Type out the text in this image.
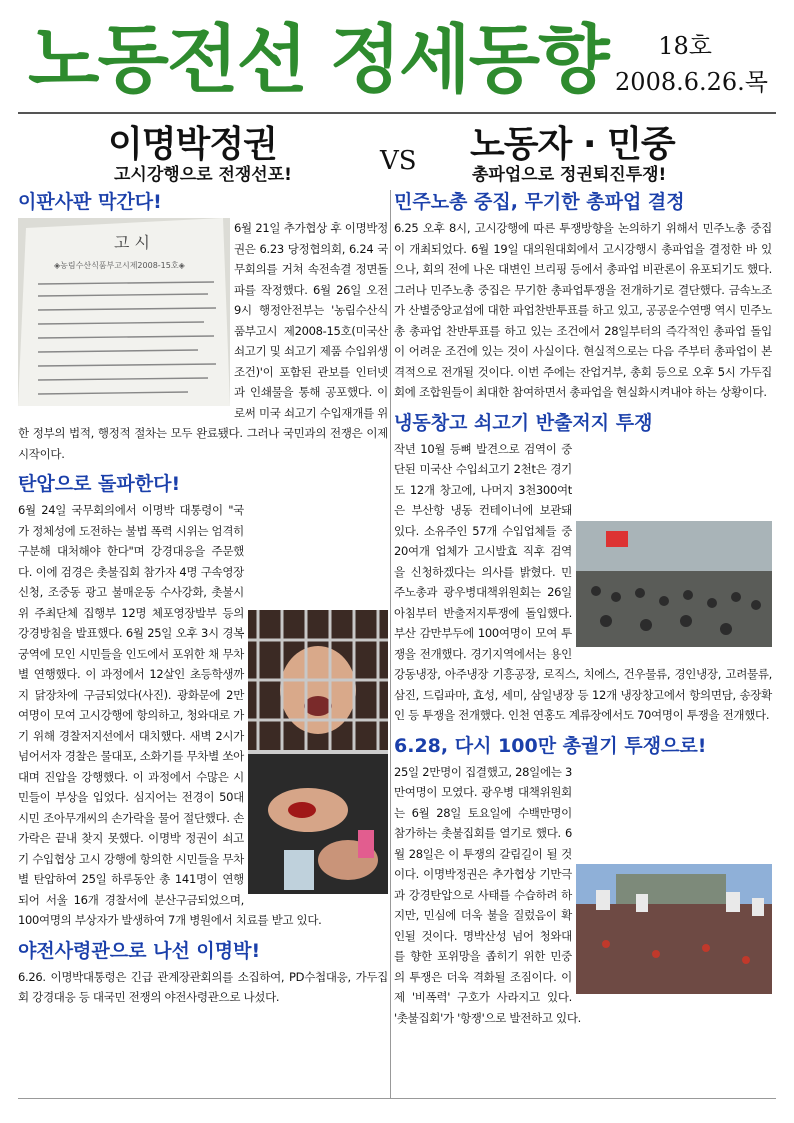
노동전선 정세동향 18호
2008.6.26.목
이명박정권
고시강행으로 전쟁선포!	VS 노동자 · 민중
총파업으로 정권퇴진투쟁!
이판사판 막간다!
고 시
◈농림수산식품부고시제2008-15호◈

6월 21일 추가협상 후 이명박정권은 6.23 당정협의회, 6.24 국무회의를 거쳐 속전속결 정면돌파를 작정했다. 6월 26일 오전 9시 행정안전부는 '농림수산식품부고시 제2008-15호(미국산 쇠고기 및 쇠고기 제품 수입위생조건)'이 포함된 관보를 인터넷과 인쇄물을 통해 공포했다. 이로써 미국 쇠고기 수입재개를 위한 정부의 법적, 행정적 절차는 모두 완료됐다. 그러나 국민과의 전쟁은 이제 시작이다.

탄압으로 돌파한다!

6월 24일 국무회의에서 이명박 대통령이 "국가 정체성에 도전하는 불법 폭력 시위는 엄격히 구분해 대처해야 한다"며 강경대응을 주문했다. 이에 검경은 촛불집회 참가자 4명 구속영장 신청, 조중동 광고 불매운동 수사강화, 촛불시위 주최단체 집행부 12명 체포영장발부 등의 강경방침을 발표했다. 6월 25일 오후 3시 경복궁역에 모인 시민들을 인도에서 포위한 채 무차별 연행했다. 이 과정에서 12살인 초등학생까지 닭장차에 구금되었다(사진). 광화문에 2만여명이 모여 고시강행에 항의하고, 청와대로 가기 위해 경찰저지선에서 대치했다. 새벽 2시가 넘어서자 경찰은 물대포, 소화기를 무차별 쏘아대며 진압을 강행했다. 이 과정에서 수많은 시민들이 부상을 입었다. 심지어는 전경이 50대 시민 조아무개씨의 손가락을 물어 절단했다. 손가락은 끝내 찾지 못했다. 이명박 정권이 쇠고기 수입협상 고시 강행에 항의한 시민들을 무차별 탄압하여 25일 하루동안 총 141명이 연행되어 서울 16개 경찰서에 분산구금되었으며, 100여명의 부상자가 발생하여 7개 병원에서 치료를 받고 있다.

야전사령관으로 나선 이명박!

6.26. 이명박대통령은 긴급 관계장관회의를 소집하여, PD수첩대응, 가두집회 강경대응 등 대국민 전쟁의 야전사령관으로 나섰다.

민주노총 중집, 무기한 총파업 결정

6.25 오후 8시, 고시강행에 따른 투쟁방향을 논의하기 위해서 민주노총 중집이 개최되었다. 6월 19일 대의원대회에서 고시강행시 총파업을 결정한 바 있으나, 회의 전에 나온 대변인 브리핑 등에서 총파업 비관론이 유포되기도 했다. 그러나 민주노총 중집은 무기한 총파업투쟁을 전개하기로 결단했다. 금속노조가 산별중앙교섭에 대한 파업찬반투표를 하고 있고, 공공운수연맹 역시 민주노총 총파업 찬반투표를 하고 있는 조건에서 28일부터의 즉각적인 총파업 돌입이 어려운 조건에 있는 것이 사실이다. 현실적으로는 다음 주부터 총파업이 본격적으로 전개될 것이다. 이번 주에는 잔업거부, 총회 등으로 오후 5시 가두집회에 조합원들이 최대한 참여하면서 총파업을 현실화시켜내야 하는 상황이다.

냉동창고 쇠고기 반출저지 투쟁

작년 10월 등뼈 발견으로 검역이 중단된 미국산 수입쇠고기 2천t은 경기도 12개 창고에, 나머지 3천300여t은 부산항 냉동 컨테이너에 보관돼 있다. 소유주인 57개 수입업체들 중 20여개 업체가 고시발효 직후 검역을 신청하겠다는 의사를 밝혔다. 민주노총과 광우병대책위원회는 26일 아침부터 반출저지투쟁에 돌입했다. 부산 감만부두에 100여명이 모여 투쟁을 전개했다. 경기지역에서는 용인 강동냉장, 아주냉장 기흥공장, 로직스, 치에스, 건우물류, 경인냉장, 고려물류, 삼진, 드림파마, 효성, 세미, 삼일냉장 등 12개 냉장창고에서 항의면담, 송장확인 등 투쟁을 전개했다. 인천 연홍도 계류장에서도 70여명이 투쟁을 전개했다.

6.28, 다시 100만 총궐기 투쟁으로!

25일 2만명이 집결했고, 28일에는 3만여명이 모였다. 광우병 대책위원회는 6월 28일 토요일에 수백만명이 참가하는 촛불집회를 열기로 했다. 6월 28일은 이 투쟁의 갈림길이 될 것이다. 이명박정권은 추가협상 기만극과 강경탄압으로 사태를 수습하려 하지만, 민심에 더욱 불을 질렀음이 확인될 것이다. 명박산성 넘어 청와대를 향한 포위망을 좁히기 위한 민중의 투쟁은 더욱 격화될 조짐이다. 이제 '비폭력' 구호가 사라지고 있다. '촛불집회'가 '항쟁'으로 발전하고 있다.
